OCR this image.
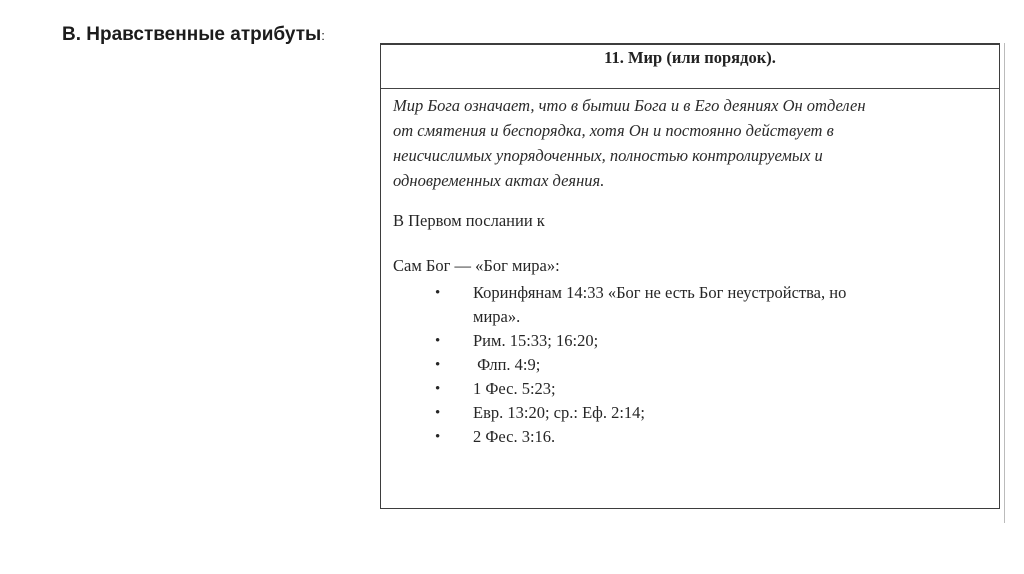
В. Нравственные атрибуты:
11. Мир (или порядок).

Мир Бога означает, что в бытии Бога и в Его деяниях Он отделен
от смятения и беспорядка, хотя Он и постоянно действует в
неисчислимых упорядоченных, полностью контролируемых и
одновременных актах деяния.

В Первом послании к

Сам Бог — «Бог мира»:

•	Коринфянам 14:33 «Бог не есть Бог неустройства, но
мира».
•	Рим. 15:33; 16:20;
•	Флп. 4:9;
•	1 Фес. 5:23;
•	Евр. 13:20; ср.: Еф. 2:14;
•	2 Фес. 3:16.
